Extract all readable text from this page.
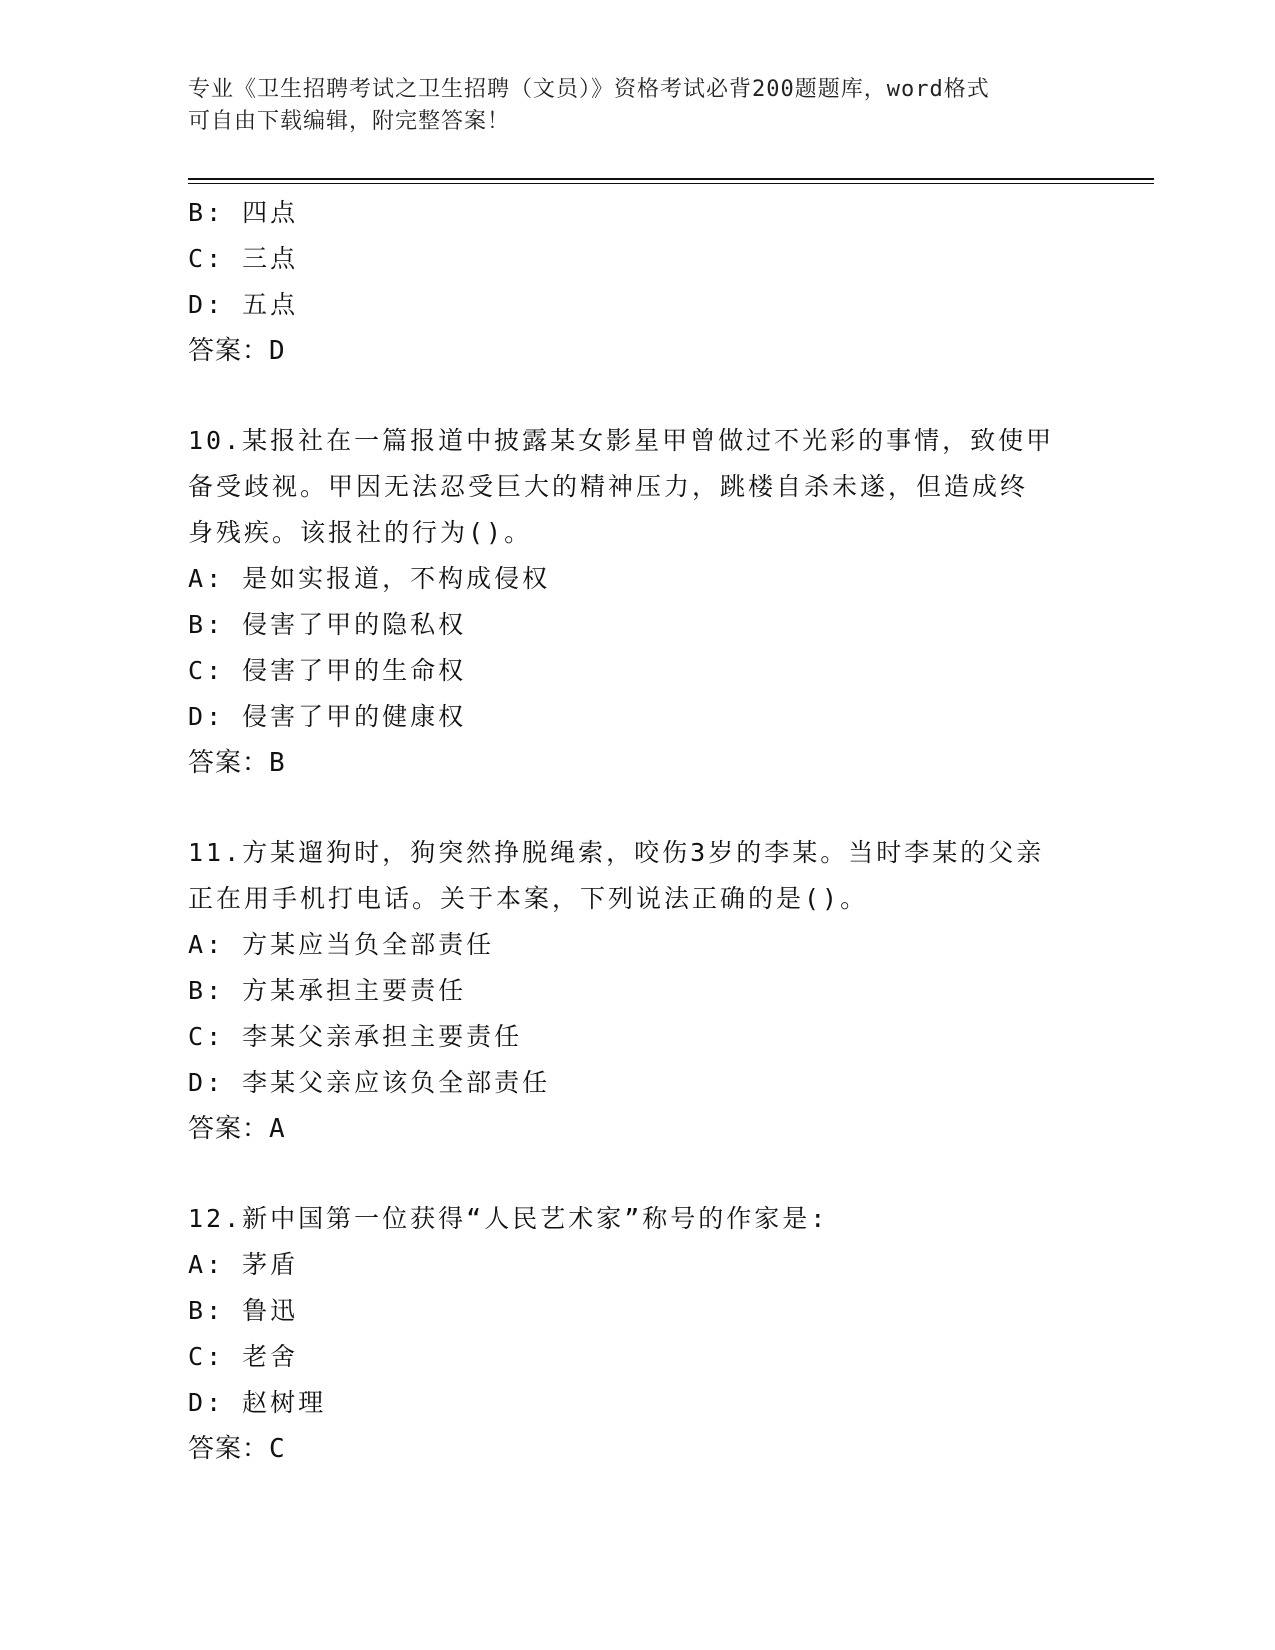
专业《卫生招聘考试之卫生招聘（文员）》资格考试必背200题题库，word格式
可自由下载编辑，附完整答案！
B: 四点
C: 三点
D: 五点
答案：D
10.某报社在一篇报道中披露某女影星甲曾做过不光彩的事情，致使甲
备受歧视。甲因无法忍受巨大的精神压力，跳楼自杀未遂，但造成终
身残疾。该报社的行为()。
A: 是如实报道，不构成侵权
B: 侵害了甲的隐私权
C: 侵害了甲的生命权
D: 侵害了甲的健康权
答案：B
11.方某遛狗时，狗突然挣脱绳索，咬伤3岁的李某。当时李某的父亲
正在用手机打电话。关于本案，下列说法正确的是()。
A: 方某应当负全部责任
B: 方某承担主要责任
C: 李某父亲承担主要责任
D: 李某父亲应该负全部责任
答案：A
12.新中国第一位获得“人民艺术家”称号的作家是:
A: 茅盾
B: 鲁迅
C: 老舍
D: 赵树理
答案：C
